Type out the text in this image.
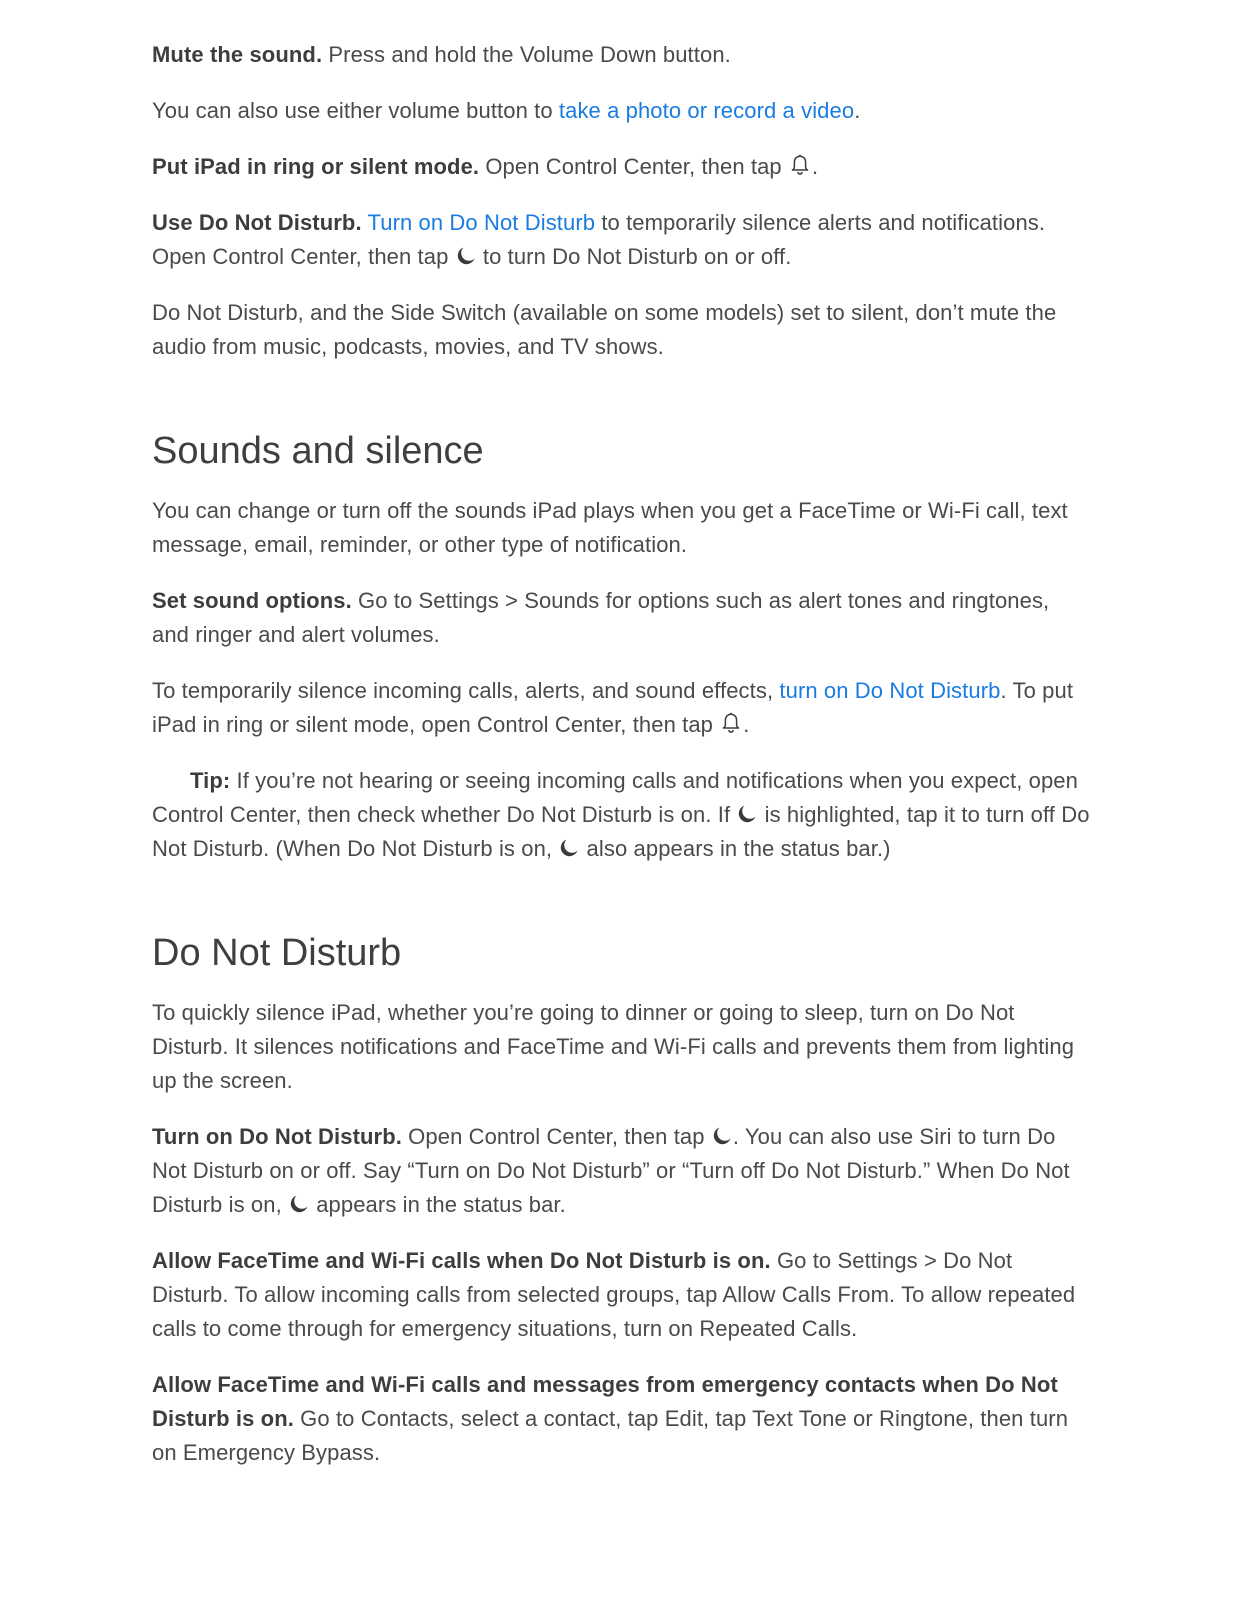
Mute the sound. Press and hold the Volume Down button.

You can also use either volume button to take a photo or record a video.

Put iPad in ring or silent mode. Open Control Center, then tap
.

Use Do Not Disturb. Turn on Do Not Disturb to temporarily silence alerts and notifications. Open Control Center, then tap
to turn Do Not Disturb on or off.

Do Not Disturb, and the Side Switch (available on some models) set to silent, don’t mute the audio from music, podcasts, movies, and TV shows.

Sounds and silence

You can change or turn off the sounds iPad plays when you get a FaceTime or Wi-Fi call, text message, email, reminder, or other type of notification.

Set sound options. Go to Settings > Sounds for options such as alert tones and ringtones, and ringer and alert volumes.

To temporarily silence incoming calls, alerts, and sound effects, turn on Do Not Disturb. To put iPad in ring or silent mode, open Control Center, then tap
.

Tip: If you’re not hearing or seeing incoming calls and notifications when you expect, open Control Center, then check whether Do Not Disturb is on. If
is highlighted, tap it to turn off Do Not Disturb. (When Do Not Disturb is on,
also appears in the status bar.)

Do Not Disturb

To quickly silence iPad, whether you’re going to dinner or going to sleep, turn on Do Not Disturb. It silences notifications and FaceTime and Wi-Fi calls and prevents them from lighting up the screen.

Turn on Do Not Disturb. Open Control Center, then tap
. You can also use Siri to turn Do Not Disturb on or off. Say “Turn on Do Not Disturb” or “Turn off Do Not Disturb.” When Do Not Disturb is on,
appears in the status bar.

Allow FaceTime and Wi-Fi calls when Do Not Disturb is on. Go to Settings > Do Not Disturb. To allow incoming calls from selected groups, tap Allow Calls From. To allow repeated calls to come through for emergency situations, turn on Repeated Calls.

Allow FaceTime and Wi-Fi calls and messages from emergency contacts when Do Not Disturb is on. Go to Contacts, select a contact, tap Edit, tap Text Tone or Ringtone, then turn on Emergency Bypass.
